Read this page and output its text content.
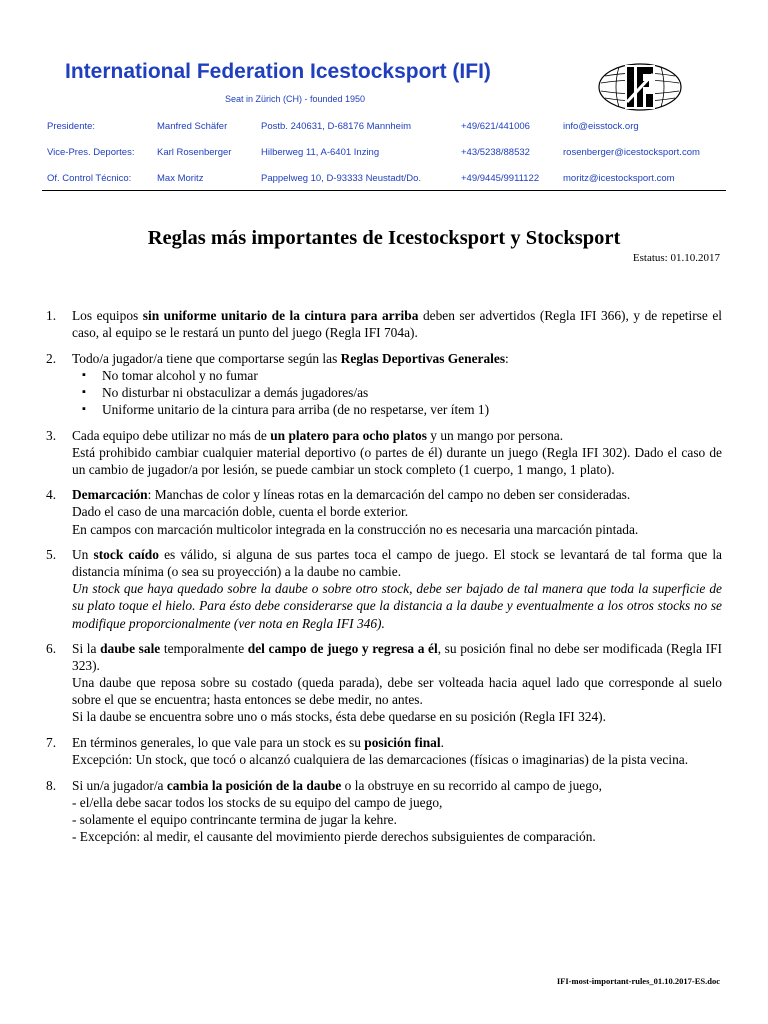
International Federation Icestocksport (IFI)
Seat in Zürich (CH) - founded 1950
Presidente:	Manfred Schäfer	Postb. 240631, D-68176 Mannheim	+49/621/441006	info@eisstock.org
Vice-Pres. Deportes: Karl Rosenberger	Hilberweg 11, A-6401 Inzing	+43/5238/88532	rosenberger@icestocksport.com
Of. Control Técnico:	Max Moritz	Pappelweg 10, D-93333 Neustadt/Do.	+49/9445/9911122	moritz@icestocksport.com
Reglas más importantes de Icestocksport y Stocksport
Estatus: 01.10.2017
1. Los equipos sin uniforme unitario de la cintura para arriba deben ser advertidos (Regla IFI 366), y de repetirse el caso, al equipo se le restará un punto del juego (Regla IFI 704a).

2. Todo/a jugador/a tiene que comportarse según las Reglas Deportivas Generales:

▪ No tomar alcohol y no fumar
▪ No disturbar ni obstaculizar a demás jugadores/as
▪ Uniforme unitario de la cintura para arriba (de no respetarse, ver ítem 1)
3. Cada equipo debe utilizar no más de un platero para ocho platos y un mango por persona.

Está prohibido cambiar cualquier material deportivo (o partes de él) durante un juego (Regla IFI 302). Dado el caso de un cambio de jugador/a por lesión, se puede cambiar un stock completo (1 cuerpo, 1 mango, 1 plato).

4. Demarcación: Manchas de color y líneas rotas en la demarcación del campo no deben ser consideradas.

Dado el caso de una marcación doble, cuenta el borde exterior.

En campos con marcación multicolor integrada en la construcción no es necesaria una marcación pintada.

5. Un stock caído es válido, si alguna de sus partes toca el campo de juego. El stock se levantará de tal forma que la distancia mínima (o sea su proyección) a la daube no cambie.

Un stock que haya quedado sobre la daube o sobre otro stock, debe ser bajado de tal manera que toda la superficie de su plato toque el hielo. Para ésto debe considerarse que la distancia a la daube y eventualmente a los otros stocks no se modifique proporcionalmente (ver nota en Regla IFI 346).

6. Si la daube sale temporalmente del campo de juego y regresa a él, su posición final no debe ser modificada (Regla IFI 323).

Una daube que reposa sobre su costado (queda parada), debe ser volteada hacia aquel lado que corresponde al suelo sobre el que se encuentra; hasta entonces se debe medir, no antes.

Si la daube se encuentra sobre uno o más stocks, ésta debe quedarse en su posición (Regla IFI 324).

7. En términos generales, lo que vale para un stock es su posición final.

Excepción: Un stock, que tocó o alcanzó cualquiera de las demarcaciones (físicas o imaginarias) de la pista vecina.

8. Si un/a jugador/a cambia la posición de la daube o la obstruye en su recorrido al campo de juego,

- el/ella debe sacar todos los stocks de su equipo del campo de juego,

- solamente el equipo contrincante termina de jugar la kehre.

- Excepción: al medir, el causante del movimiento pierde derechos subsiguientes de comparación.

IFI-most-important-rules_01.10.2017-ES.doc
